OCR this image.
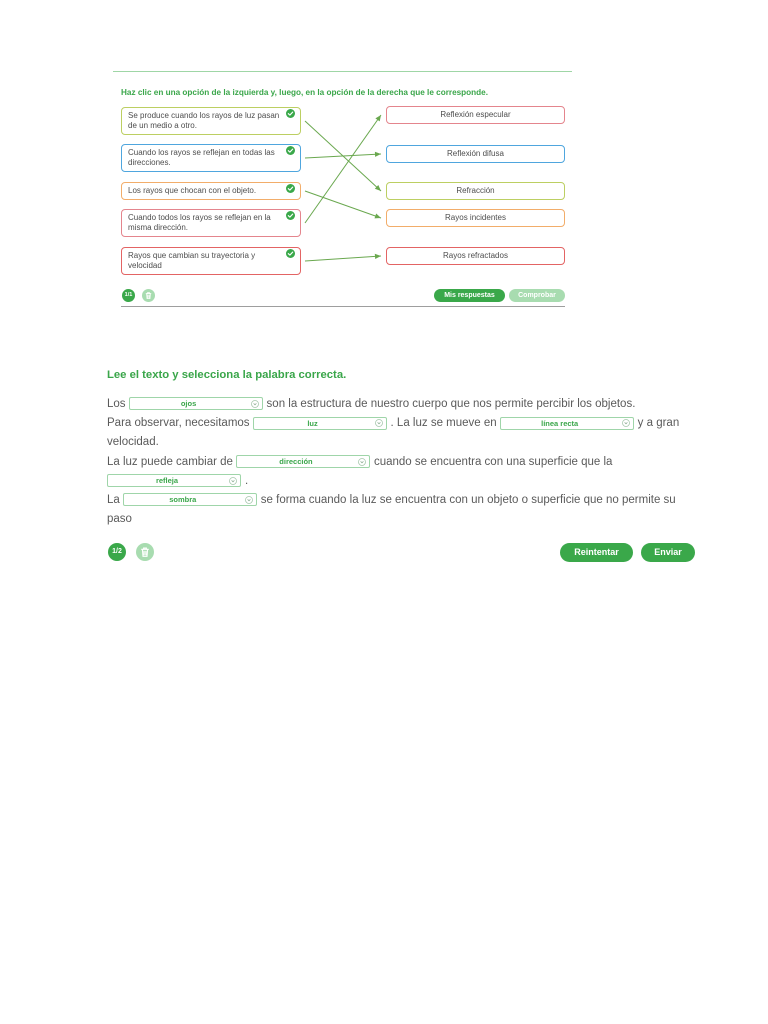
Haz clic en una opción de la izquierda y, luego, en la opción de la derecha que le corresponde.
Se produce cuando los rayos de luz pasan de un medio a otro.
Cuando los rayos se reflejan en todas las direcciones.
Los rayos que chocan con el objeto.
Cuando todos los rayos se reflejan en la misma dirección.
Rayos que cambian su trayectoria y velocidad
Reflexión especular
Reflexión difusa
Refracción
Rayos incidentes
Rayos refractados
1/1	Mis respuestas	Comprobar
Lee el texto y selecciona la palabra correcta.
Los	ojos	son la estructura de nuestro cuerpo que nos permite percibir los objetos.
Para observar, necesitamos	luz	. La luz se mueve en	línea recta	y a gran
velocidad.
La luz puede cambiar de	dirección	cuando se encuentra con una superficie que la
refleja	.
La	sombra	se forma cuando la luz se encuentra con un objeto o superficie que no permite su
paso
1/2	Reintentar	Enviar
